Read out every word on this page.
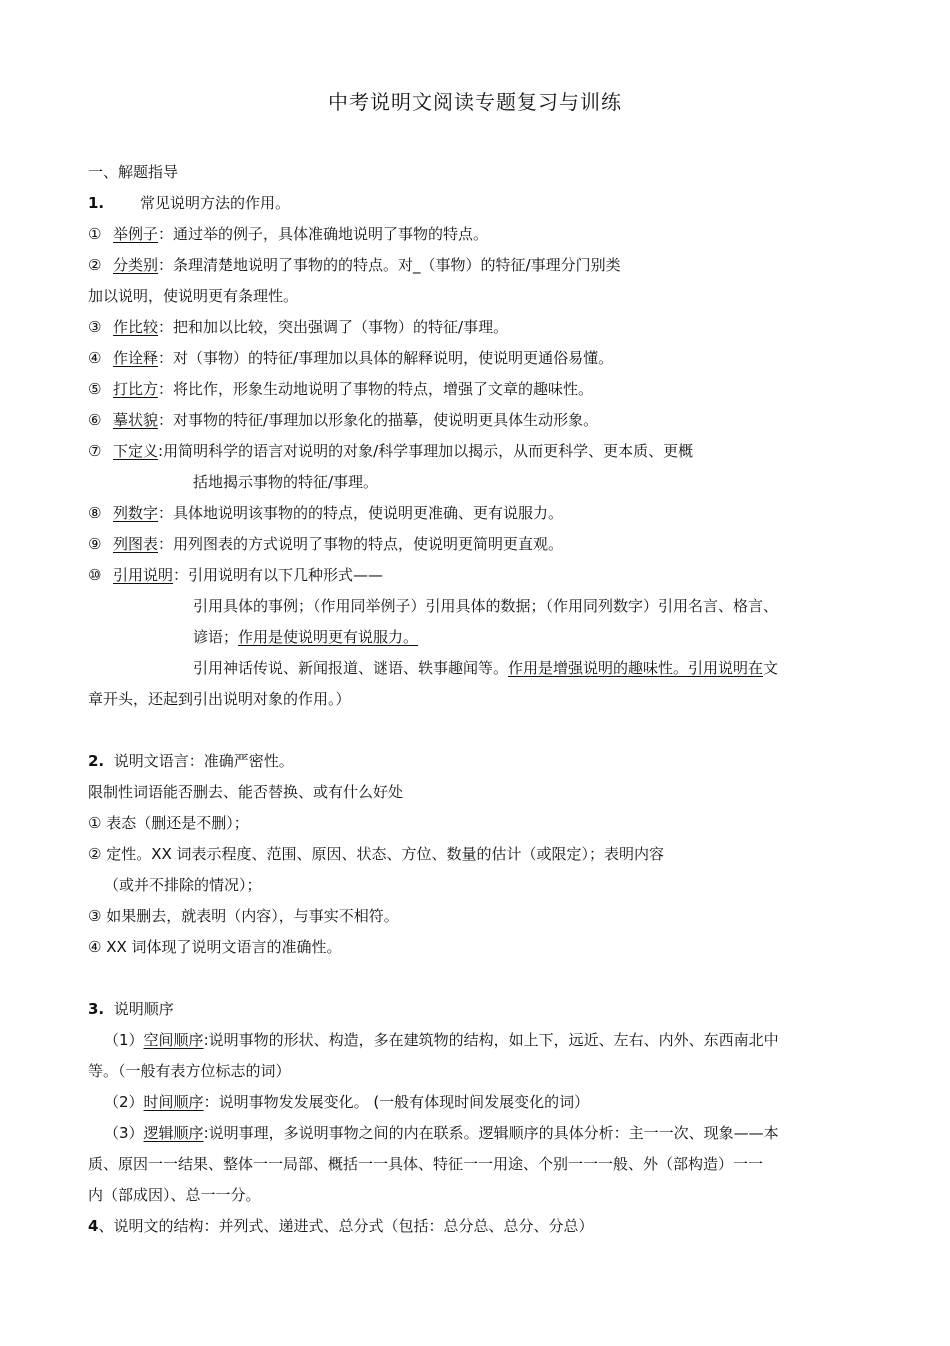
中考说明文阅读专题复习与训练
一、解题指导
1. 常见说明方法的作用。
① 举例子：通过举的例子，具体准确地说明了事物的特点。
② 分类别：条理清楚地说明了事物的的特点。对_（事物）的特征/事理分门别类
加以说明，使说明更有条理性。
③ 作比较：把和加以比较，突出强调了（事物）的特征/事理。
④ 作诠释：对（事物）的特征/事理加以具体的解释说明，使说明更通俗易懂。
⑤ 打比方：将比作，形象生动地说明了事物的特点，增强了文章的趣味性。
⑥ 摹状貌：对事物的特征/事理加以形象化的描摹，使说明更具体生动形象。
⑦ 下定义:用简明科学的语言对说明的对象/科学事理加以揭示，从而更科学、更本质、更概
括地揭示事物的特征/事理。
⑧ 列数字：具体地说明该事物的的特点，使说明更准确、更有说服力。
⑨ 列图表：用列图表的方式说明了事物的特点，使说明更简明更直观。
⑩ 引用说明：引用说明有以下几种形式——
引用具体的事例；（作用同举例子）引用具体的数据；（作用同列数字）引用名言、格言、
谚语；作用是使说明更有说服力。
引用神话传说、新闻报道、谜语、轶事趣闻等。作用是增强说明的趣味性。引用说明在文
章开头，还起到引出说明对象的作用。）
2. 说明文语言：准确严密性。
限制性词语能否删去、能否替换、或有什么好处
① 表态（删还是不删）；
② 定性。XX 词表示程度、范围、原因、状态、方位、数量的估计（或限定）；表明内容
（或并不排除的情况）；
③ 如果删去，就表明（内容），与事实不相符。
④ XX 词体现了说明文语言的准确性。
3. 说明顺序
（1）空间顺序:说明事物的形状、构造，多在建筑物的结构，如上下，远近、左右、内外、东西南北中
等。（一般有表方位标志的词）
（2）时间顺序：说明事物发发展变化。 (一般有体现时间发展变化的词）
（3）逻辑顺序:说明事理，多说明事物之间的内在联系。逻辑顺序的具体分析：主一一次、现象——本
质、原因一一结果、整体一一局部、概括一一具体、特征一一用途、个别一一一般、外（部构造）一一
内（部成因）、总一一分。
4、说明文的结构：并列式、递进式、总分式（包括：总分总、总分、分总）
